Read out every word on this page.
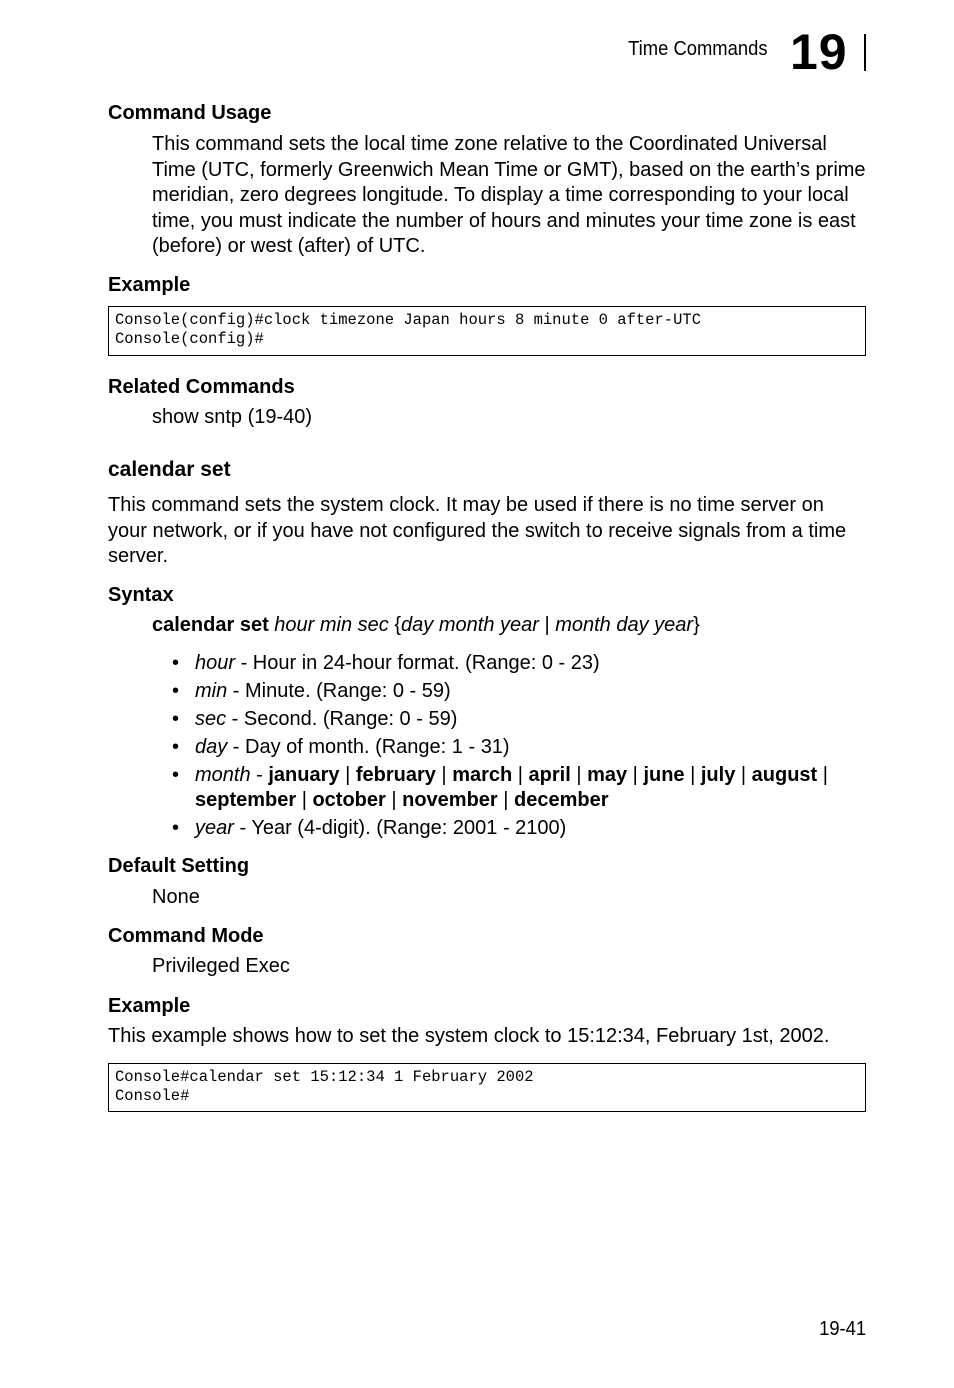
Time Commands 19
Command Usage
This command sets the local time zone relative to the Coordinated Universal Time (UTC, formerly Greenwich Mean Time or GMT), based on the earth’s prime meridian, zero degrees longitude. To display a time corresponding to your local time, you must indicate the number of hours and minutes your time zone is east (before) or west (after) of UTC.
Example
Console(config)#clock timezone Japan hours 8 minute 0 after-UTC
Console(config)#
Related Commands
show sntp (19-40)
calendar set
This command sets the system clock. It may be used if there is no time server on your network, or if you have not configured the switch to receive signals from a time server.
Syntax
calendar set hour min sec {day month year | month day year}
• hour - Hour in 24-hour format. (Range: 0 - 23)
• min - Minute. (Range: 0 - 59)
• sec - Second. (Range: 0 - 59)
• day - Day of month. (Range: 1 - 31)
• month - january | february | march | april | may | june | july | august | september | october | november | december
• year - Year (4-digit). (Range: 2001 - 2100)
Default Setting
None
Command Mode
Privileged Exec
Example
This example shows how to set the system clock to 15:12:34, February 1st, 2002.
Console#calendar set 15:12:34 1 February 2002
Console#
19-41
